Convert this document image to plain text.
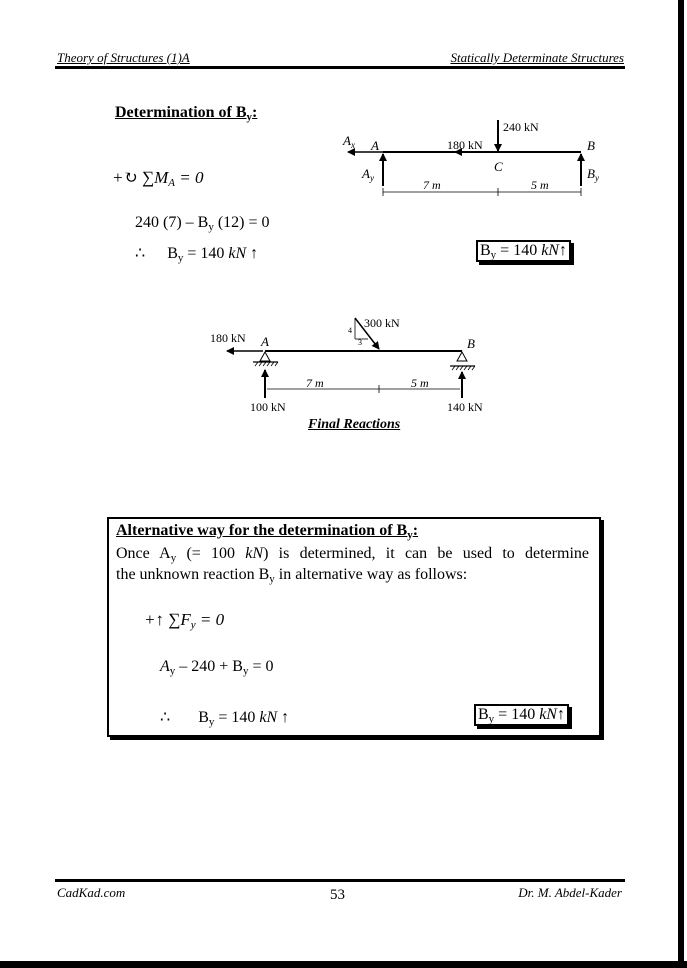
Theory of Structures (1)A	Statically Determinate Structures
Determination of $B_y$:
+↻ $\sum M_A = 0$
240 $(7) - B_y$ (12) = 0
∴ $B_y = 140$ kN ↑	$B_y = 140$ kN↑
$A_x$ A
$A_y$
240 kN
180 kN
C
B
$B_y$
7 m	5 m
300 kN
4
3
180 kN A	B
7 m	5 m
100 kN	140 kN
Final Reactions
Alternative way for the determination of $B_y$:
Once $A_y$ (= 100 kN) is determined, it can be used to determine
the unknown reaction $B_y$ in alternative way as follows:
+↑ $\sum F_y = 0$
$A_y - 240 + B_y = 0$
∴ $B_y = 140$ kN ↑	$B_y = 140$ kN↑
CadKad.com	53	Dr. M. Abdel-Kader
